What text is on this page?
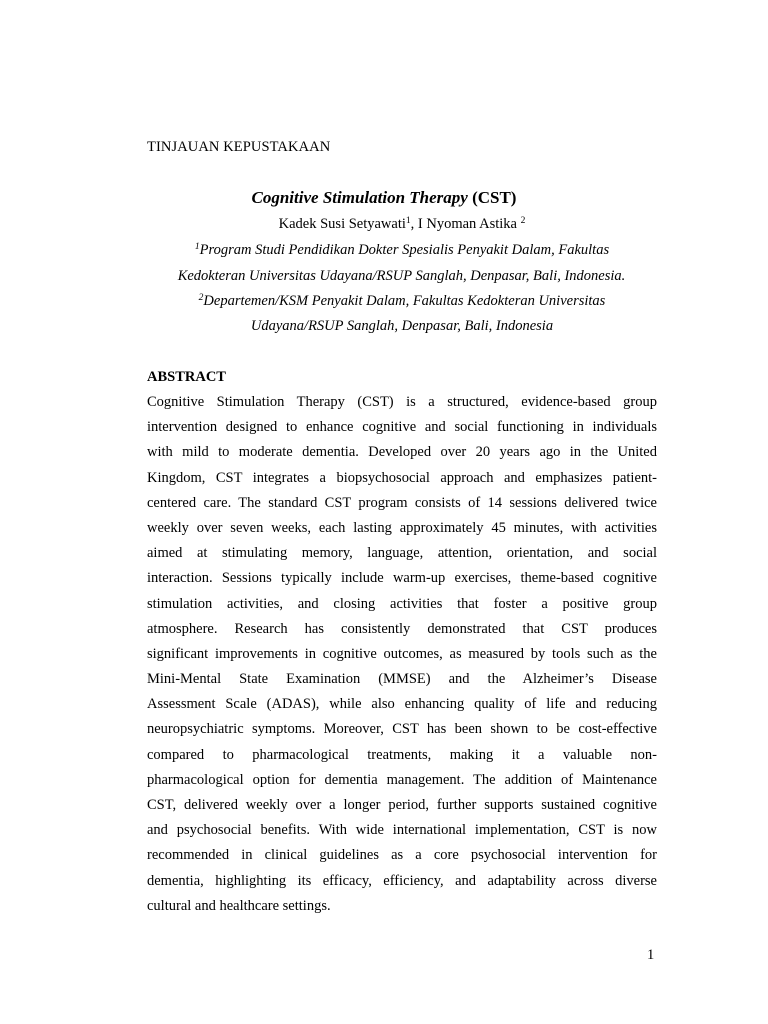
TINJAUAN KEPUSTAKAAN
Cognitive Stimulation Therapy (CST)
Kadek Susi Setyawati$^1$, I Nyoman Astika $^2$
$^1$Program Studi Pendidikan Dokter Spesialis Penyakit Dalam, Fakultas
Kedokteran Universitas Udayana/RSUP Sanglah, Denpasar, Bali, Indonesia.
$^2$Departemen/KSM Penyakit Dalam, Fakultas Kedokteran Universitas
Udayana/RSUP Sanglah, Denpasar, Bali, Indonesia
ABSTRACT
Cognitive Stimulation Therapy (CST) is a structured, evidence-based group
intervention designed to enhance cognitive and social functioning in individuals
with mild to moderate dementia. Developed over 20 years ago in the United
Kingdom, CST integrates a biopsychosocial approach and emphasizes patient-
centered care. The standard CST program consists of 14 sessions delivered twice
weekly over seven weeks, each lasting approximately 45 minutes, with activities
aimed at stimulating memory, language, attention, orientation, and social
interaction. Sessions typically include warm-up exercises, theme-based cognitive
stimulation activities, and closing activities that foster a positive group
atmosphere. Research has consistently demonstrated that CST produces
significant improvements in cognitive outcomes, as measured by tools such as the
Mini-Mental State Examination (MMSE) and the Alzheimer’s Disease
Assessment Scale (ADAS), while also enhancing quality of life and reducing
neuropsychiatric symptoms. Moreover, CST has been shown to be cost-effective
compared to pharmacological treatments, making it a valuable non-
pharmacological option for dementia management. The addition of Maintenance
CST, delivered weekly over a longer period, further supports sustained cognitive
and psychosocial benefits. With wide international implementation, CST is now
recommended in clinical guidelines as a core psychosocial intervention for
dementia, highlighting its efficacy, efficiency, and adaptability across diverse
cultural and healthcare settings.
1
